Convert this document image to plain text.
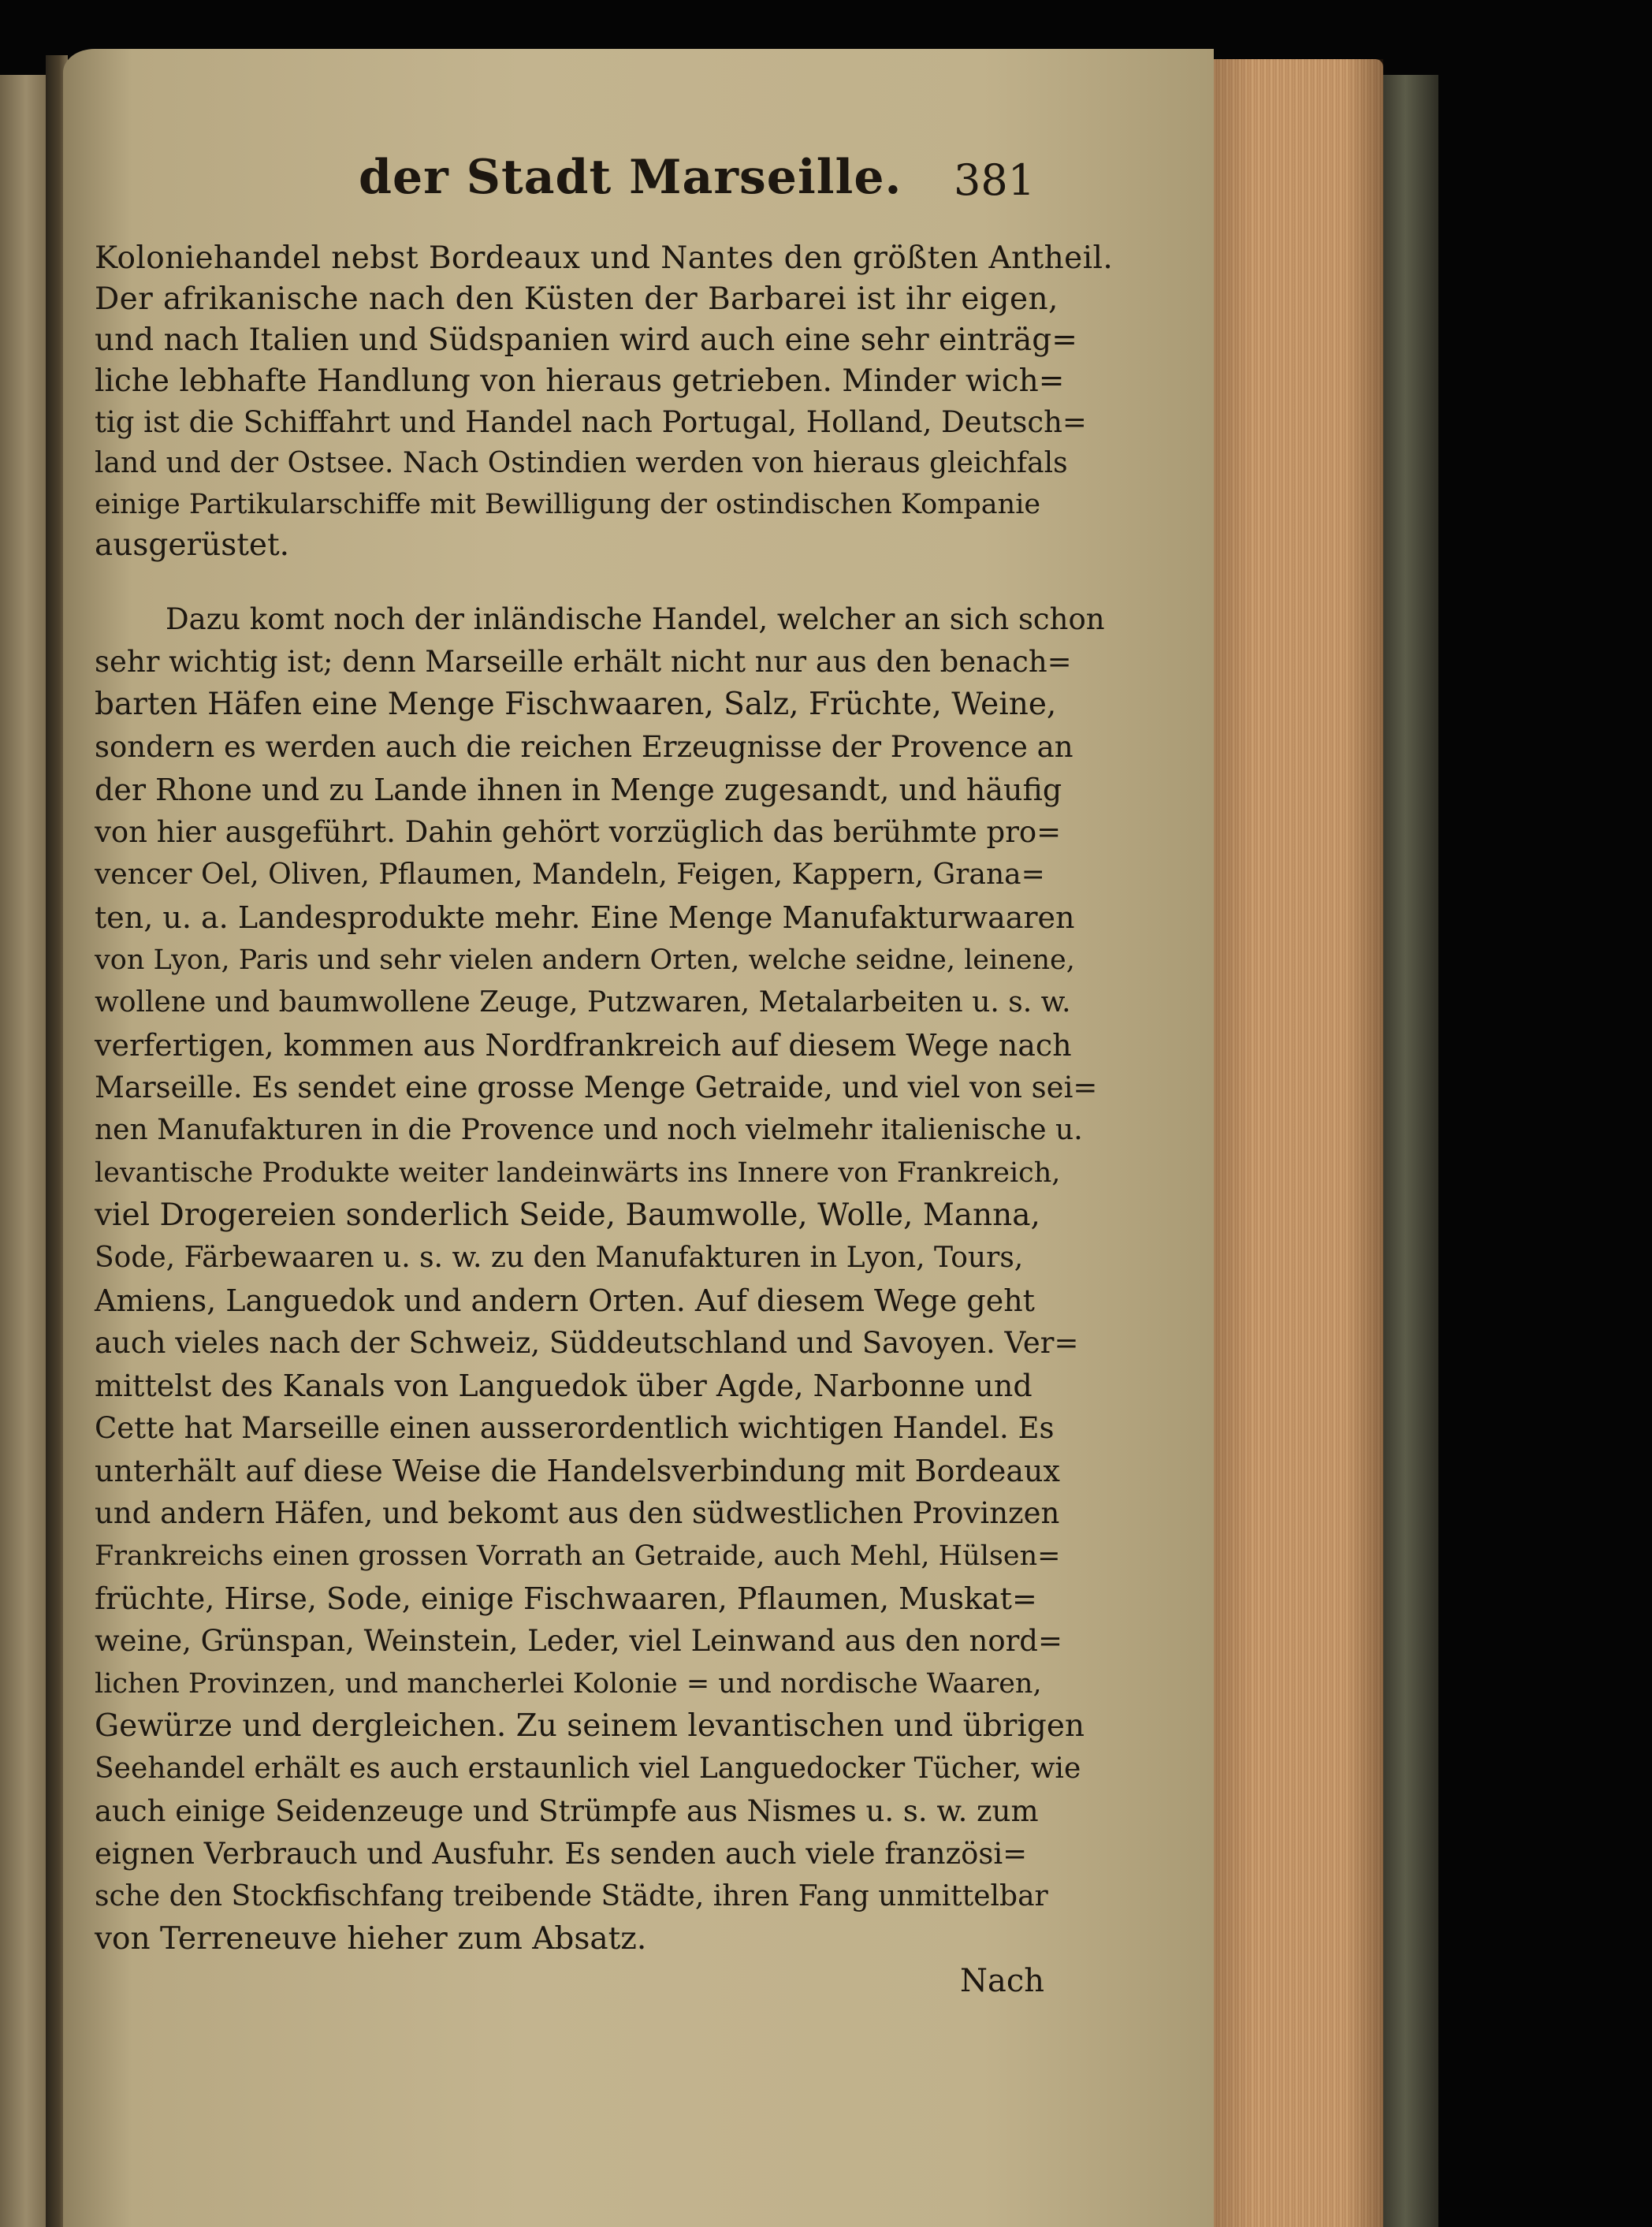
der Stadt Marseille. 381
Koloniehandel nebst Bordeaux und Nantes den größten Antheil.
Der afrikanische nach den Küsten der Barbarei ist ihr eigen,
und nach Italien und Südspanien wird auch eine sehr einträg=
liche lebhafte Handlung von hieraus getrieben. Minder wich=
tig ist die Schiffahrt und Handel nach Portugal, Holland, Deutsch=
land und der Ostsee. Nach Ostindien werden von hieraus gleichfals
einige Partikularschiffe mit Bewilligung der ostindischen Kompanie
ausgerüstet.
Dazu komt noch der inländische Handel, welcher an sich schon
sehr wichtig ist; denn Marseille erhält nicht nur aus den benach=
barten Häfen eine Menge Fischwaaren, Salz, Früchte, Weine,
sondern es werden auch die reichen Erzeugnisse der Provence an
der Rhone und zu Lande ihnen in Menge zugesandt, und häufig
von hier ausgeführt. Dahin gehört vorzüglich das berühmte pro=
vencer Oel, Oliven, Pflaumen, Mandeln, Feigen, Kappern, Grana=
ten, u. a. Landesprodukte mehr. Eine Menge Manufakturwaaren
von Lyon, Paris und sehr vielen andern Orten, welche seidne, leinene,
wollene und baumwollene Zeuge, Putzwaren, Metalarbeiten u. s. w.
verfertigen, kommen aus Nordfrankreich auf diesem Wege nach
Marseille. Es sendet eine grosse Menge Getraide, und viel von sei=
nen Manufakturen in die Provence und noch vielmehr italienische u.
levantische Produkte weiter landeinwärts ins Innere von Frankreich,
viel Drogereien sonderlich Seide, Baumwolle, Wolle, Manna,
Sode, Färbewaaren u. s. w. zu den Manufakturen in Lyon, Tours,
Amiens, Languedok und andern Orten. Auf diesem Wege geht
auch vieles nach der Schweiz, Süddeutschland und Savoyen. Ver=
mittelst des Kanals von Languedok über Agde, Narbonne und
Cette hat Marseille einen ausserordentlich wichtigen Handel. Es
unterhält auf diese Weise die Handelsverbindung mit Bordeaux
und andern Häfen, und bekomt aus den südwestlichen Provinzen
Frankreichs einen grossen Vorrath an Getraide, auch Mehl, Hülsen=
früchte, Hirse, Sode, einige Fischwaaren, Pflaumen, Muskat=
weine, Grünspan, Weinstein, Leder, viel Leinwand aus den nord=
lichen Provinzen, und mancherlei Kolonie = und nordische Waaren,
Gewürze und dergleichen. Zu seinem levantischen und übrigen
Seehandel erhält es auch erstaunlich viel Languedocker Tücher, wie
auch einige Seidenzeuge und Strümpfe aus Nismes u. s. w. zum
eignen Verbrauch und Ausfuhr. Es senden auch viele französi=
sche den Stockfischfang treibende Städte, ihren Fang unmittelbar
von Terreneuve hieher zum Absatz.
Nach
